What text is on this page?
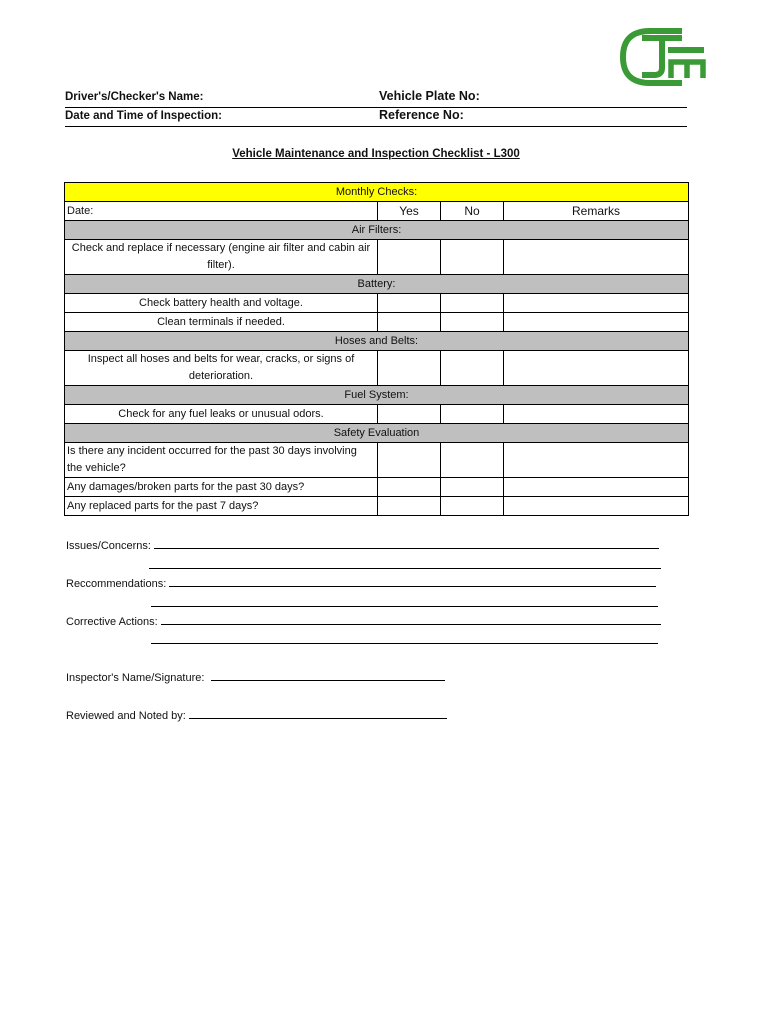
Driver's/Checker's Name:	Vehicle Plate No:
Date and Time of Inspection:	Reference No:
Vehicle Maintenance and Inspection Checklist - L300
Monthly Checks:			
Date:	Yes	No	Remarks
Air Filters:			
Check and replace if necessary (engine air filter and cabin air filter).			
Battery:			
Check battery health and voltage.			
Clean terminals if needed.			
Hoses and Belts:			
Inspect all hoses and belts for wear, cracks, or signs of deterioration.			
Fuel System:			
Check for any fuel leaks or unusual odors.			
Safety Evaluation			
Is there any incident occurred for the past 30 days involving the vehicle?			
Any damages/broken parts for the past 30 days?			
Any replaced parts for the past 7 days?			
Issues/Concerns:
Reccommendations:
Corrective Actions:
Inspector's Name/Signature:
Reviewed and Noted by:
